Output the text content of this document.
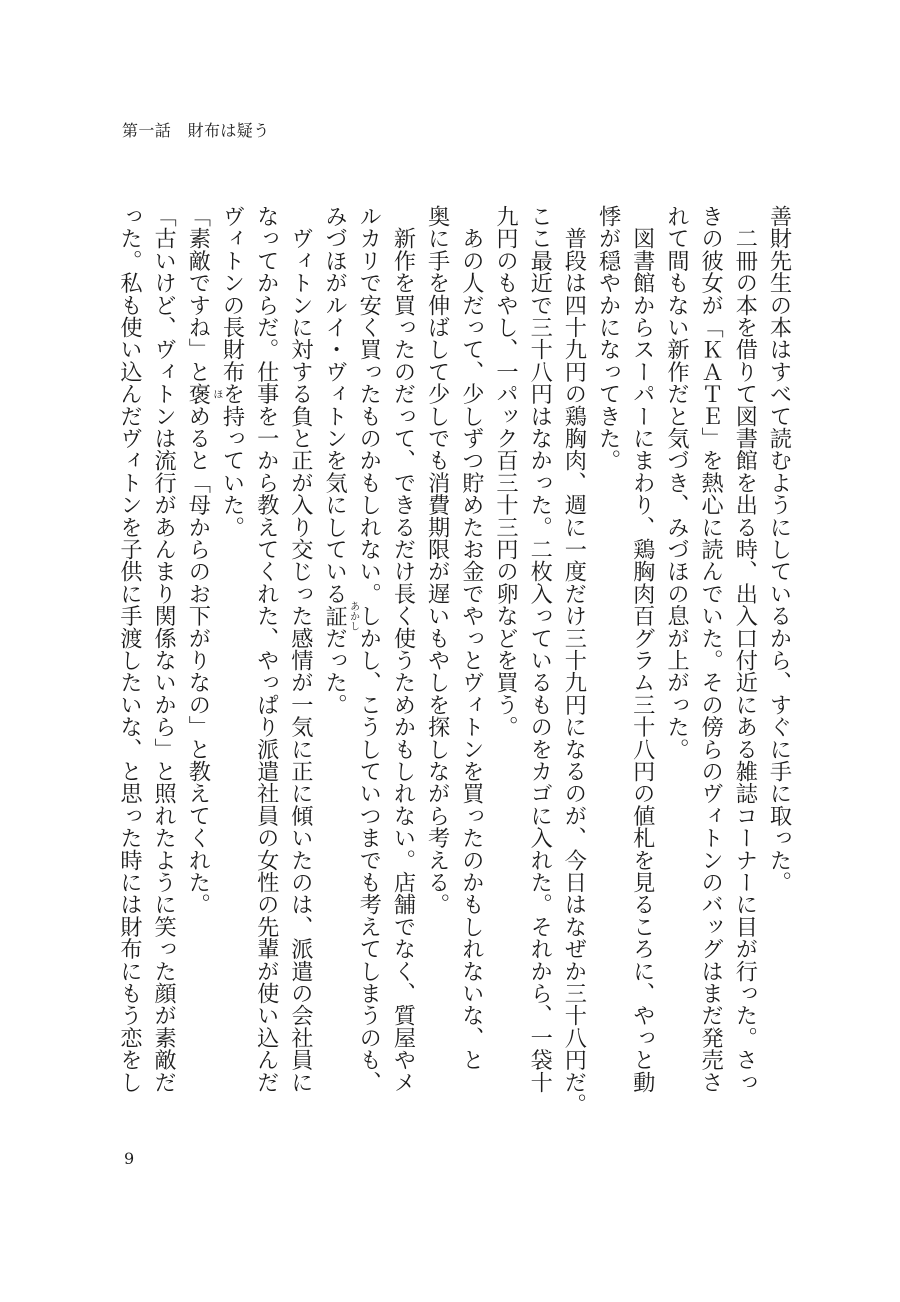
第一話　財布は疑う
善財先生の本はすべて読むようにしているから、すぐに手に取った。
　二冊の本を借りて図書館を出る時、出入口付近にある雑誌コーナーに目が行った。さっ
きの彼女が「ＫＡＴＥ」を熱心に読んでいた。その傍らのヴィトンのバッグはまだ発売さ
れて間もない新作だと気づき、みづほの息が上がった。
　図書館からスーパーにまわり、鶏胸肉百グラム三十八円の値札を見るころに、やっと動
悸が穏やかになってきた。
　普段は四十九円の鶏胸肉、週に一度だけ三十九円になるのが、今日はなぜか三十八円だ。
ここ最近で三十八円はなかった。二枚入っているものをカゴに入れた。それから、一袋十
九円のもやし、一パック百三十三円の卵などを買う。
　あの人だって、少しずつ貯めたお金でやっとヴィトンを買ったのかもしれないな、と
奥に手を伸ばして少しでも消費期限が遅いもやしを探しながら考える。
　新作を買ったのだって、できるだけ長く使うためかもしれない。店舗でなく、質屋やメ
ルカリで安く買ったものかもしれない。しかし、こうしていつまでも考えてしまうのも、
みづほがルイ・ヴィトンを気にしている証 あかし
だった。
　ヴィトンに対する負と正が入り交じった感情が一気に正に傾いたのは、派遣の会社員に
なってからだ。仕事を一から教えてくれた、やっぱり派遣社員の女性の先輩が使い込んだ
ヴィトンの長財布を持っていた。
「素敵ですね」と褒 ほ
めると「母からのお下がりなの」と教えてくれた。
「古いけど、ヴィトンは流行があんまり関係ないから」と照れたように笑った顔が素敵だ
った。私も使い込んだヴィトンを子供に手渡したいな、と思った時には財布にもう恋をし
9
